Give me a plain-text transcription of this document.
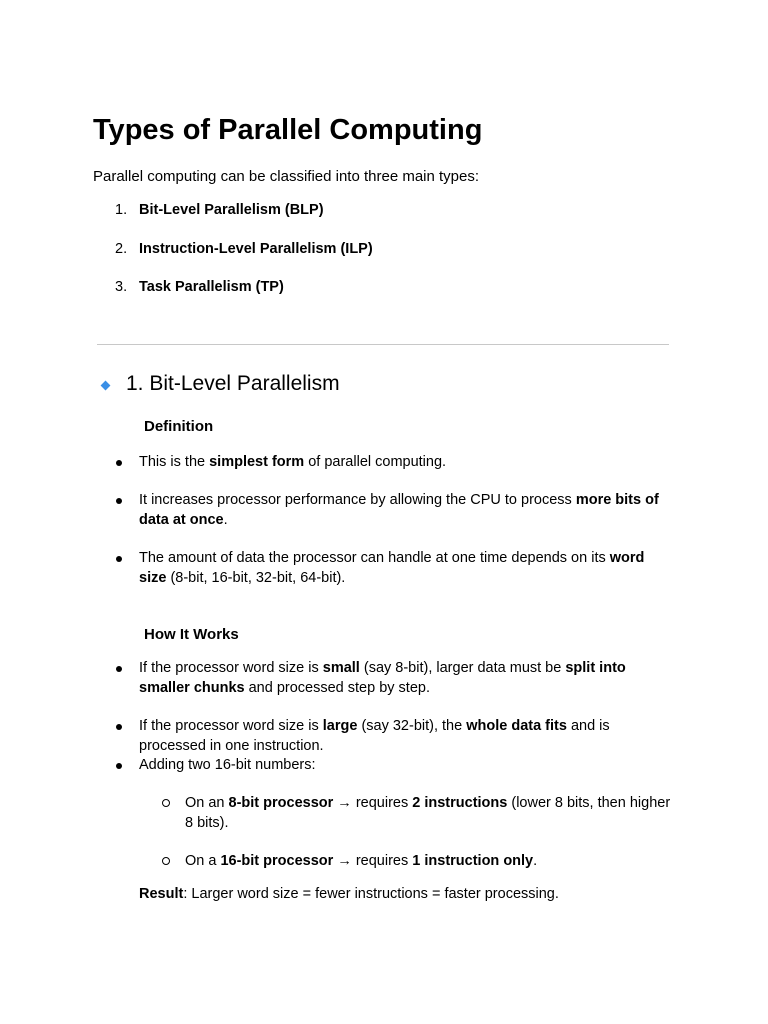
Types of Parallel Computing
Parallel computing can be classified into three main types:
1. Bit-Level Parallelism (BLP)
2. Instruction-Level Parallelism (ILP)
3. Task Parallelism (TP)
1. Bit-Level Parallelism
Definition
This is the simplest form of parallel computing.
It increases processor performance by allowing the CPU to process more bits of data at once.
The amount of data the processor can handle at one time depends on its word size (8-bit, 16-bit, 32-bit, 64-bit).
How It Works
If the processor word size is small (say 8-bit), larger data must be split into smaller chunks and processed step by step.
If the processor word size is large (say 32-bit), the whole data fits and is processed in one instruction.
Adding two 16-bit numbers:
On an 8-bit processor → requires 2 instructions (lower 8 bits, then higher 8 bits).
On a 16-bit processor → requires 1 instruction only.
Result: Larger word size = fewer instructions = faster processing.
